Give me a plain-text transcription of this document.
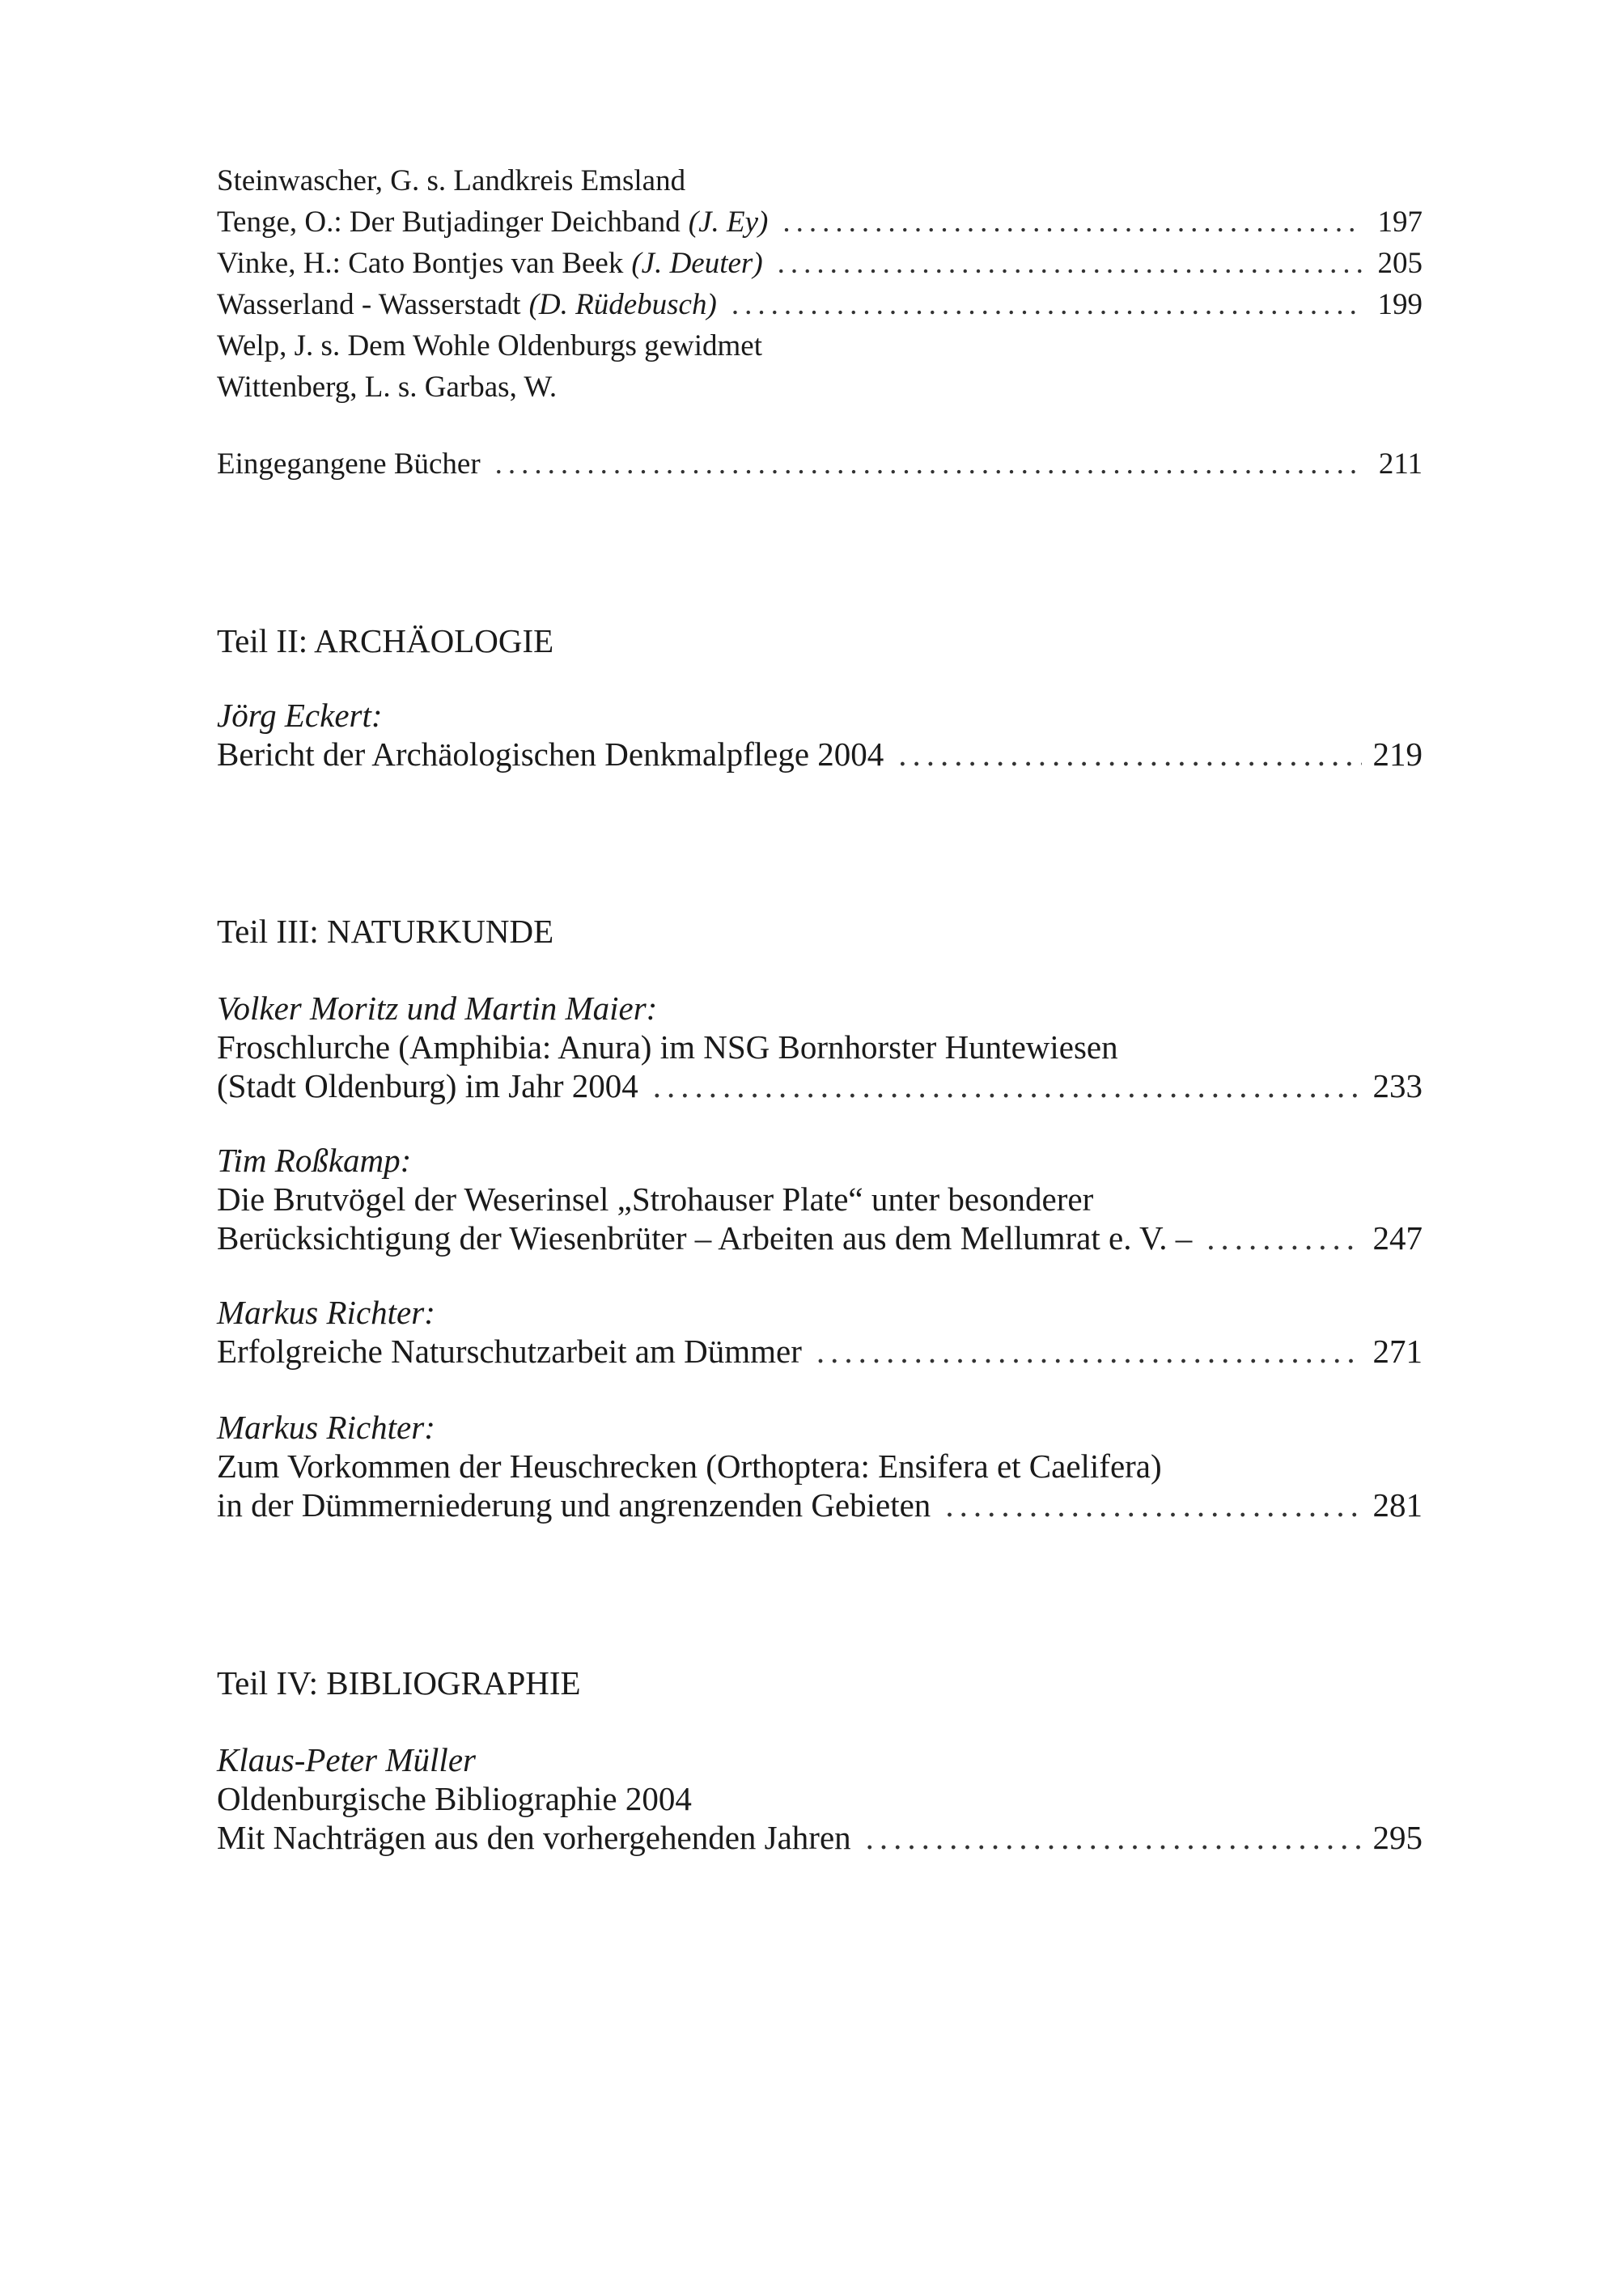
Steinwascher, G. s. Landkreis Emsland
Tenge, O.: Der Butjadinger Deichband (J. Ey) .....	197
Vinke, H.: Cato Bontjes van Beek (J. Deuter) .....	205
Wasserland - Wasserstadt (D. Rüdebusch) .....	199
Welp, J. s. Dem Wohle Oldenburgs gewidmet
Wittenberg, L. s. Garbas, W.
Eingegangene Bücher .....	211
Teil II: ARCHÄOLOGIE
Jörg Eckert:
Bericht der Archäologischen Denkmalpflege 2004 .....	219
Teil III: NATURKUNDE
Volker Moritz und Martin Maier:
Froschlurche (Amphibia: Anura) im NSG Bornhorster Huntewiesen
(Stadt Oldenburg) im Jahr 2004 .....	233
Tim Roßkamp:
Die Brutvögel der Weserinsel „Strohauser Plate“ unter besonderer
Berücksichtigung der Wiesenbrüter – Arbeiten aus dem Mellumrat e. V. – .....	247
Markus Richter:
Erfolgreiche Naturschutzarbeit am Dümmer .....	271
Markus Richter:
Zum Vorkommen der Heuschrecken (Orthoptera: Ensifera et Caelifera)
in der Dümmerniederung und angrenzenden Gebieten .....	281
Teil IV: BIBLIOGRAPHIE
Klaus-Peter Müller
Oldenburgische Bibliographie 2004
Mit Nachträgen aus den vorhergehenden Jahren .....	295
